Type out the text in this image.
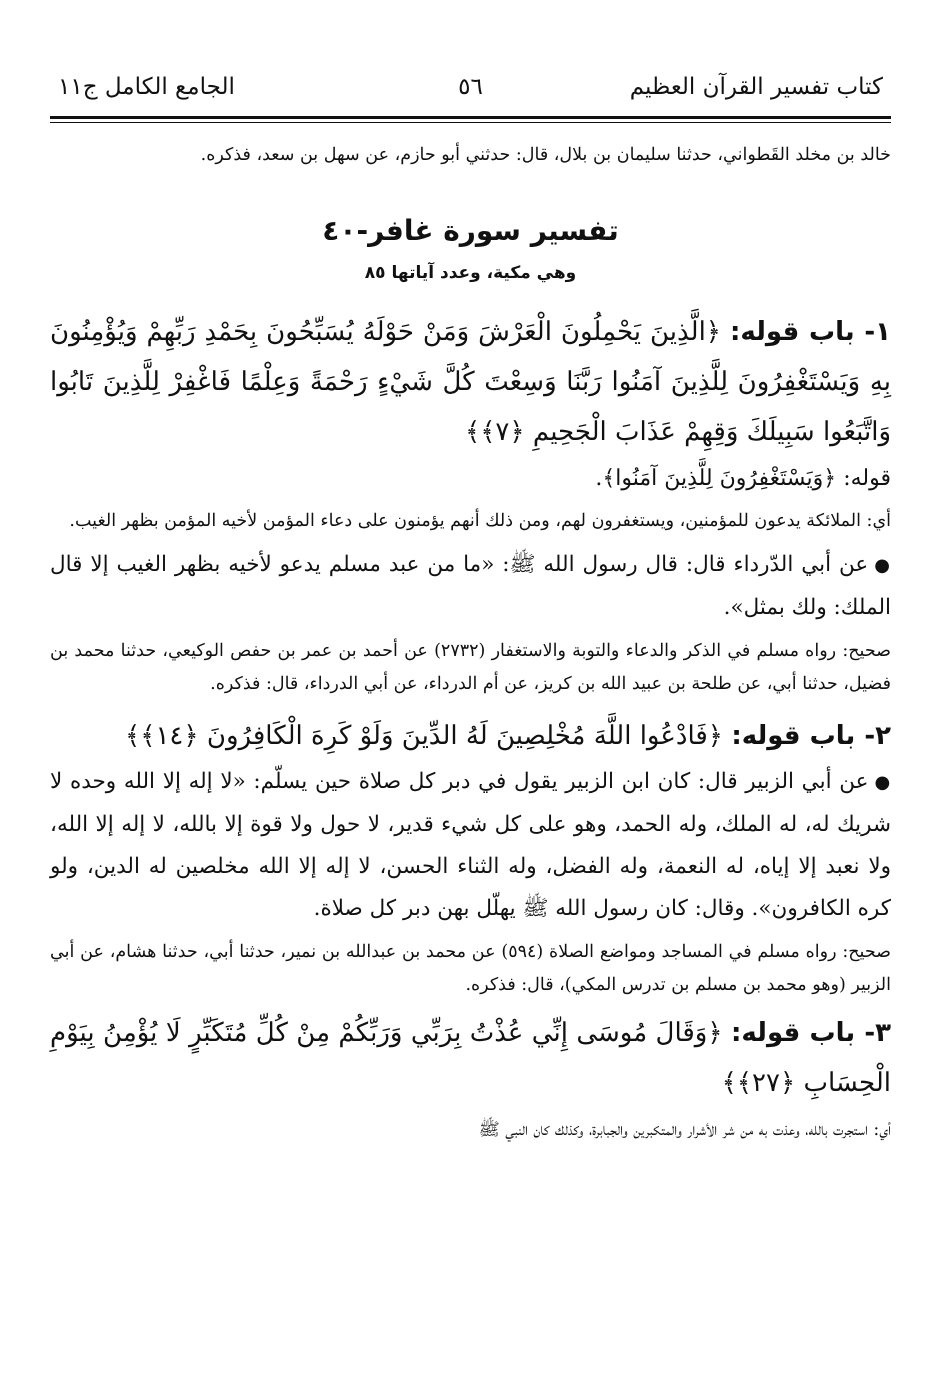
كتاب تفسير القرآن العظيم
٥٦
الجامع الكامل ج١١

خالد بن مخلد القَطواني، حدثنا سليمان بن بلال، قال: حدثني أبو حازم، عن سهل بن سعد، فذكره.

تفسير سورة غافر-٤٠
وهي مكية، وعدد آياتها ٨٥

١- باب قوله: ﴿الَّذِينَ يَحْمِلُونَ الْعَرْشَ وَمَنْ حَوْلَهُ يُسَبِّحُونَ بِحَمْدِ رَبِّهِمْ وَيُؤْمِنُونَ بِهِ وَيَسْتَغْفِرُونَ لِلَّذِينَ آمَنُوا رَبَّنَا وَسِعْتَ كُلَّ شَيْءٍ رَحْمَةً وَعِلْمًا فَاغْفِرْ لِلَّذِينَ تَابُوا وَاتَّبَعُوا سَبِيلَكَ وَقِهِمْ عَذَابَ الْجَحِيمِ ﴿٧﴾﴾

قوله: ﴿وَيَسْتَغْفِرُونَ لِلَّذِينَ آمَنُوا﴾.

أي: الملائكة يدعون للمؤمنين، ويستغفرون لهم، ومن ذلك أنهم يؤمنون على دعاء المؤمن لأخيه المؤمن بظهر الغيب.

●عن أبي الدّرداء قال: قال رسول الله ﷺ: «ما من عبد مسلم يدعو لأخيه بظهر الغيب إلا قال الملك: ولك بمثل».

صحيح: رواه مسلم في الذكر والدعاء والتوبة والاستغفار (٢٧٣٢) عن أحمد بن عمر بن حفص الوكيعي، حدثنا محمد بن فضيل، حدثنا أبي، عن طلحة بن عبيد الله بن كريز، عن أم الدرداء، عن أبي الدرداء، قال: فذكره.

٢- باب قوله: ﴿فَادْعُوا اللَّهَ مُخْلِصِينَ لَهُ الدِّينَ وَلَوْ كَرِهَ الْكَافِرُونَ ﴿١٤﴾﴾

●عن أبي الزبير قال: كان ابن الزبير يقول في دبر كل صلاة حين يسلّم: «لا إله إلا الله وحده لا شريك له، له الملك، وله الحمد، وهو على كل شيء قدير، لا حول ولا قوة إلا بالله، لا إله إلا الله، ولا نعبد إلا إياه، له النعمة، وله الفضل، وله الثناء الحسن، لا إله إلا الله مخلصين له الدين، ولو كره الكافرون». وقال: كان رسول الله ﷺ يهلّل بهن دبر كل صلاة.

صحيح: رواه مسلم في المساجد ومواضع الصلاة (٥٩٤) عن محمد بن عبدالله بن نمير، حدثنا أبي، حدثنا هشام، عن أبي الزبير (وهو محمد بن مسلم بن تدرس المكي)، قال: فذكره.

٣- باب قوله: ﴿وَقَالَ مُوسَى إِنِّي عُذْتُ بِرَبِّي وَرَبِّكُمْ مِنْ كُلِّ مُتَكَبِّرٍ لَا يُؤْمِنُ بِيَوْمِ الْحِسَابِ ﴿٢٧﴾﴾

أي: استجرت بالله، وعذت به من شر الأشرار والمتكبرين والجبابرة، وكذلك كان النبي ﷺ
